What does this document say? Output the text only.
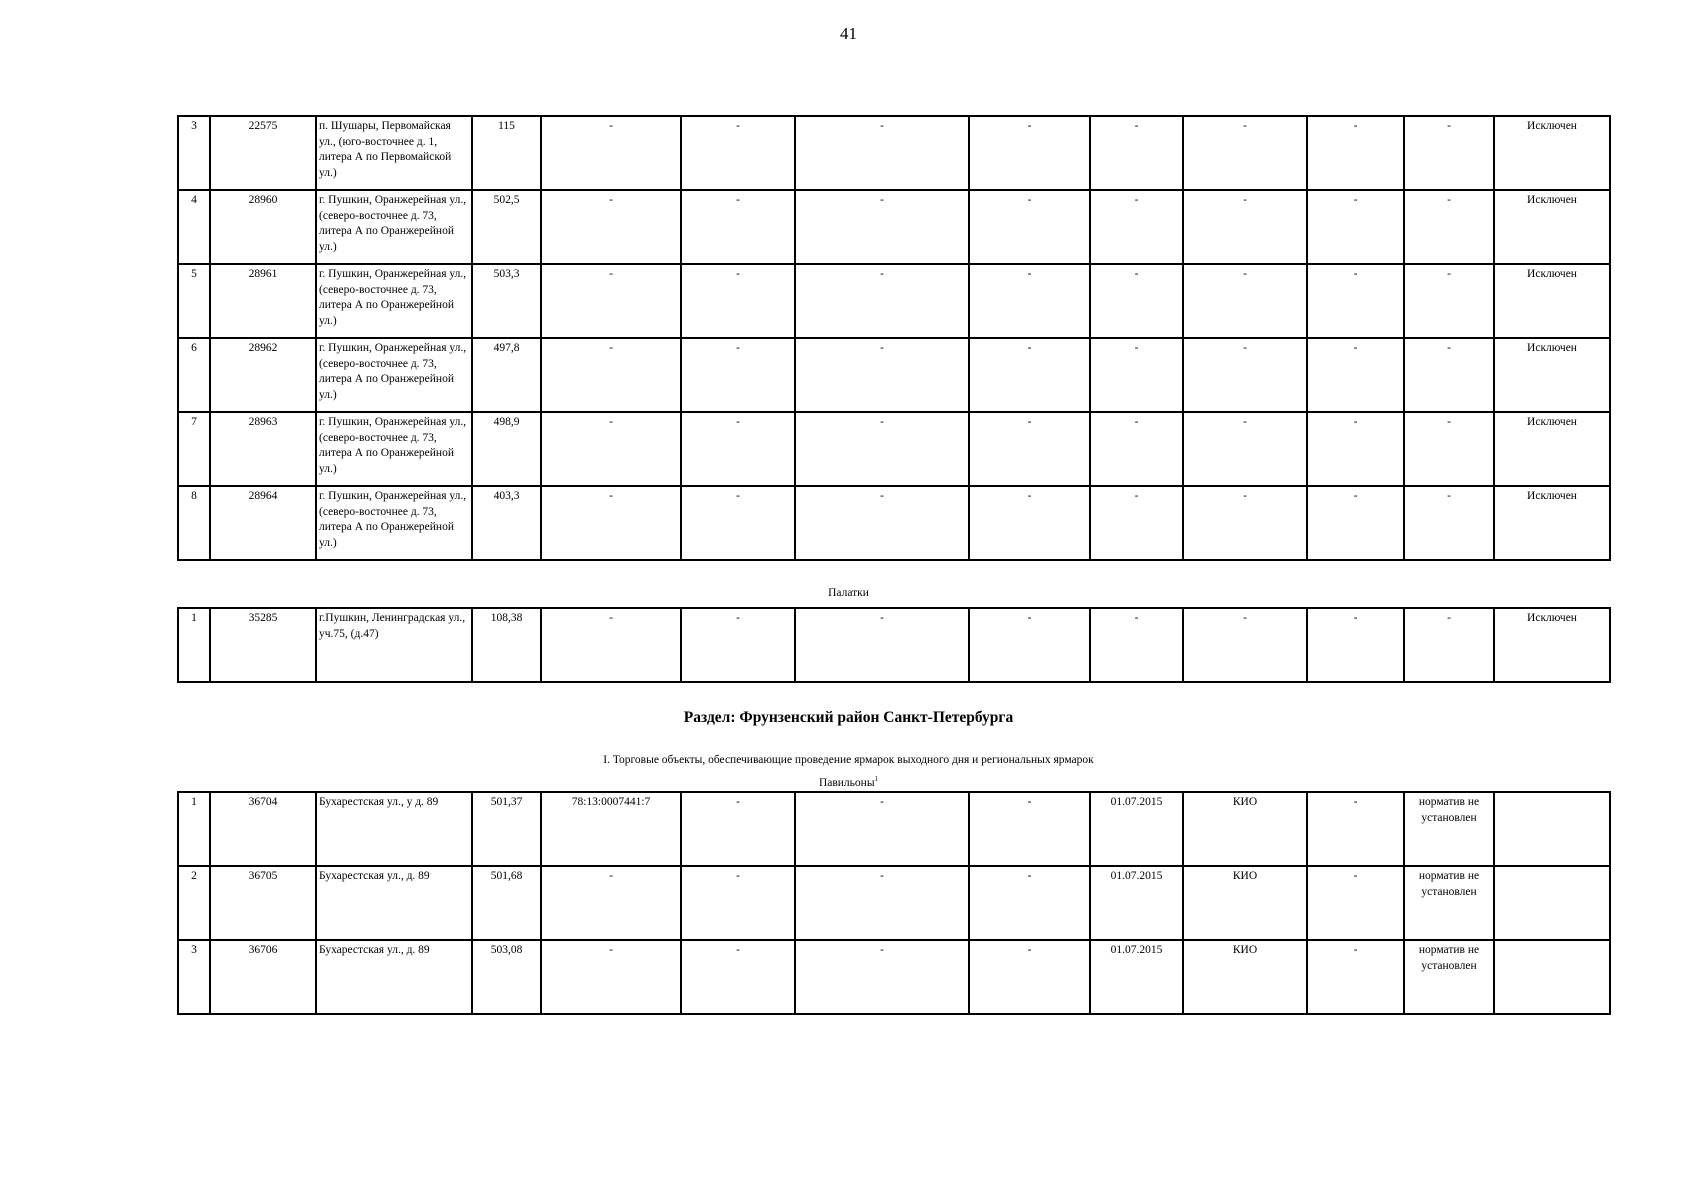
41
3	22575	п. Шушары, Первомайская ул., (юго-восточнее д. 1, литера А по Первомайской ул.)	115	-	-	-	-	-	-	-	-	Исключен
4	28960	г. Пушкин, Оранжерейная ул., (северо-восточнее д. 73, литера А по Оранжерейной ул.)	502,5	-	-	-	-	-	-	-	-	Исключен
5	28961	г. Пушкин, Оранжерейная ул., (северо-восточнее д. 73, литера А по Оранжерейной ул.)	503,3	-	-	-	-	-	-	-	-	Исключен
6	28962	г. Пушкин, Оранжерейная ул., (северо-восточнее д. 73, литера А по Оранжерейной ул.)	497,8	-	-	-	-	-	-	-	-	Исключен
7	28963	г. Пушкин, Оранжерейная ул., (северо-восточнее д. 73, литера А по Оранжерейной ул.)	498,9	-	-	-	-	-	-	-	-	Исключен
8	28964	г. Пушкин, Оранжерейная ул., (северо-восточнее д. 73, литера А по Оранжерейной ул.)	403,3	-	-	-	-	-	-	-	-	Исключен
Палатки
1	35285	г.Пушкин, Ленинградская ул., уч.75, (д.47)	108,38	-	-	-	-	-	-	-	-	Исключен
Раздел: Фрунзенский район Санкт-Петербурга
I. Торговые объекты, обеспечивающие проведение ярмарок выходного дня и региональных ярмарок
Павильоны$^1$
1	36704	Бухарестская ул., у д. 89	501,37	78:13:0007441:7	-	-	-	01.07.2015	КИО	-	норматив не установлен	
2	36705	Бухарестская ул., д. 89	501,68	-	-	-	-	01.07.2015	КИО	-	норматив не установлен	
3	36706	Бухарестская ул., д. 89	503,08	-	-	-	-	01.07.2015	КИО	-	норматив не установлен	
